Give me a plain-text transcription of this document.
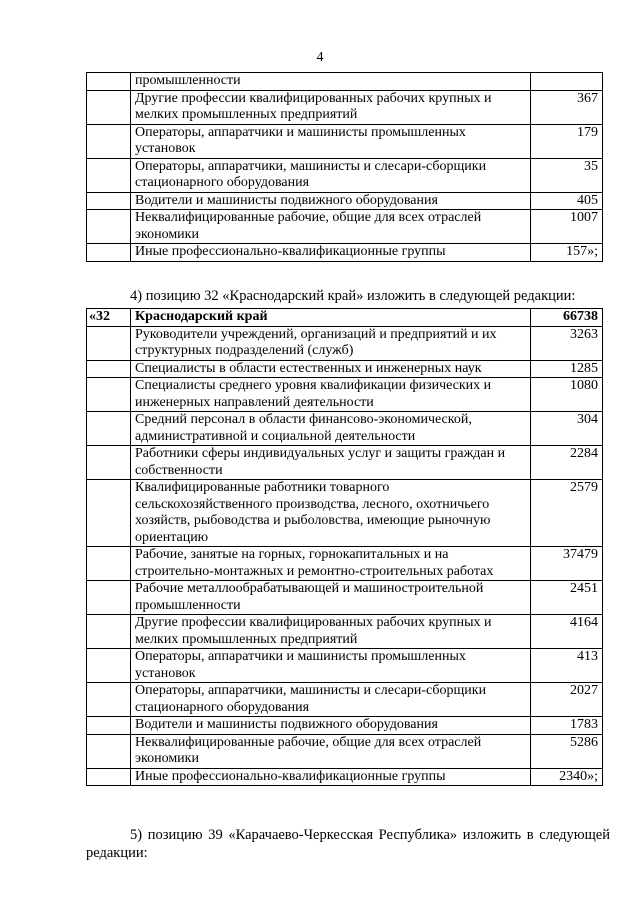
4
	промышленности	
	Другие профессии квалифицированных рабочих крупных и мелких промышленных предприятий	367
	Операторы, аппаратчики и машинисты промышленных установок	179
	Операторы, аппаратчики, машинисты и слесари-сборщики стационарного оборудования	35
	Водители и машинисты подвижного оборудования	405
	Неквалифицированные рабочие, общие для всех отраслей экономики	1007
	Иные профессионально-квалификационные группы	157»;
4) позицию 32 «Краснодарский край» изложить в следующей редакции:
«32	Краснодарский край	66738
	Руководители учреждений, организаций и предприятий и их структурных подразделений (служб)	3263
	Специалисты в области естественных и инженерных наук	1285
	Специалисты среднего уровня квалификации физических и инженерных направлений деятельности	1080
	Средний персонал в области финансово-экономической, административной и социальной деятельности	304
	Работники сферы индивидуальных услуг и защиты граждан и собственности	2284
	Квалифицированные работники товарного сельскохозяйственного производства, лесного, охотничьего хозяйств, рыбоводства и рыболовства, имеющие рыночную ориентацию	2579
	Рабочие, занятые на горных, горнокапитальных и на строительно-монтажных и ремонтно-строительных работах	37479
	Рабочие металлообрабатывающей и машиностроительной промышленности	2451
	Другие профессии квалифицированных рабочих крупных и мелких промышленных предприятий	4164
	Операторы, аппаратчики и машинисты промышленных установок	413
	Операторы, аппаратчики, машинисты и слесари-сборщики стационарного оборудования	2027
	Водители и машинисты подвижного оборудования	1783
	Неквалифицированные рабочие, общие для всех отраслей экономики	5286
	Иные профессионально-квалификационные группы	2340»;
5) позицию 39 «Карачаево-Черкесская Республика» изложить в следующей редакции:
